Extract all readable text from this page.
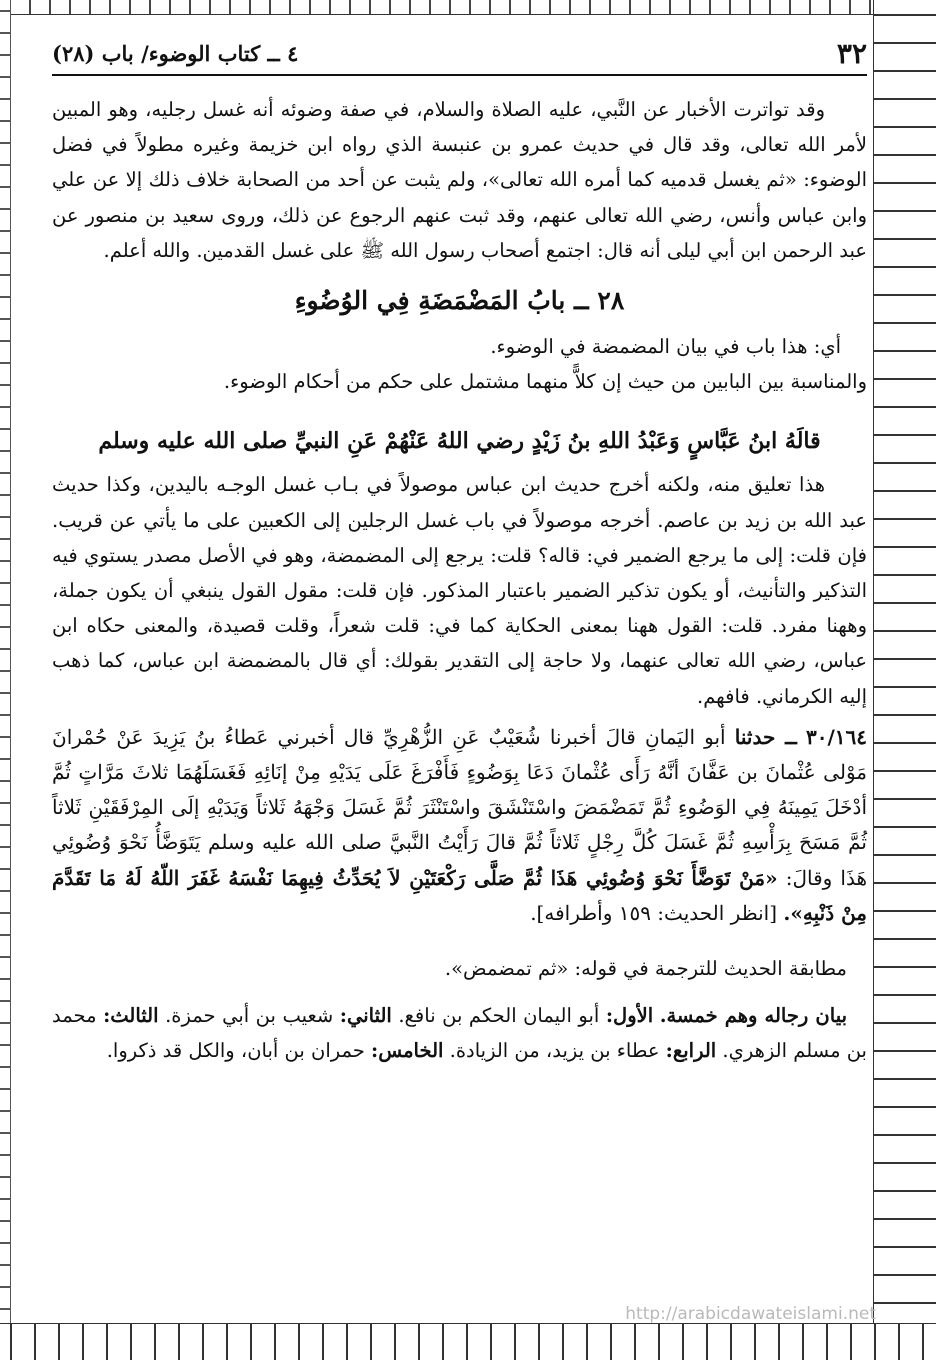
٣٢
٤ ــ كتاب الوضوء/ باب (٢٨)

وقد تواترت الأخبار عن النَّبي، عليه الصلاة والسلام، في صفة وضوئه أنه غسل رجليه، وهو المبين لأمر الله تعالى، وقد قال في حديث عمرو بن عنبسة الذي رواه ابن خزيمة وغيره مطولاً في فضل الوضوء: «ثم يغسل قدميه كما أمره الله تعالى»، ولم يثبت عن أحد من الصحابة خلاف ذلك إلا عن علي وابن عباس وأنس، رضي الله تعالى عنهم، وقد ثبت عنهم الرجوع عن ذلك، وروى سعيد بن منصور عن عبد الرحمن ابن أبي ليلى أنه قال: اجتمع أصحاب رسول الله ﷺ على غسل القدمين. والله أعلم.

٢٨ ــ بابُ المَضْمَضَةِ فِي الوُضُوءِ

أي: هذا باب في بيان المضمضة في الوضوء.

والمناسبة بين البابين من حيث إن كلاًّ منهما مشتمل على حكم من أحكام الوضوء.

قالَهُ ابنُ عَبَّاسٍ وَعَبْدُ اللهِ بنُ زَيْدٍ رضي اللهُ عَنْهُمْ عَنِ النبيِّ صلى الله عليه وسلم

هذا تعليق منه، ولكنه أخرج حديث ابن عباس موصولاً في بـاب غسل الوجـه باليدين، وكذا حديث عبد الله بن زيد بن عاصم. أخرجه موصولاً في باب غسل الرجلين إلى الكعبين على ما يأتي عن قريب. فإن قلت: إلى ما يرجع الضمير في: قاله؟ قلت: يرجع إلى المضمضة، وهو في الأصل مصدر يستوي فيه التذكير والتأنيث، أو يكون تذكير الضمير باعتبار المذكور. فإن قلت: مقول القول ينبغي أن يكون جملة، وههنا مفرد. قلت: القول ههنا بمعنى الحكاية كما في: قلت شعراً، وقلت قصيدة، والمعنى حكاه ابن عباس، رضي الله تعالى عنهما، ولا حاجة إلى التقدير بقولك: أي قال بالمضمضة ابن عباس، كما ذهب إليه الكرماني. فافهم.

٣٠/١٦٤ ــ حدثنا أبو اليَمانِ قالَ أخبرنا شُعَيْبٌ عَنِ الزُّهْرِيِّ قال أخبرني عَطاءُ بنُ يَزِيدَ عَنْ حُمْرانَ مَوْلى عُثْمانَ بن عَفَّانَ أنَّهُ رَأَى عُثْمانَ دَعَا بِوَضُوءٍ فَأَفْرَغَ عَلَى يَدَيْهِ مِنْ إنَائِهِ فَغَسَلَهُمَا ثلاثَ مَرَّاتٍ ثُمَّ أدْخَلَ يَمِينَهُ فِي الوَضُوءِ ثُمَّ تَمَضْمَضَ واسْتَنْشَقَ واسْتَنْثَرَ ثُمَّ غَسَلَ وَجْهَهُ ثَلاثاً وَيَدَيْهِ إلَى المِرْفَقَيْنِ ثَلاثاً ثُمَّ مَسَحَ بِرَأْسِهِ ثُمَّ غَسَلَ كُلَّ رِجْلٍ ثَلاثاً ثُمَّ قالَ رَأَيْتُ النَّبيَّ صلى الله عليه وسلم يَتَوَضَّأُ نَحْوَ وُضُوئِي هَذَا وقالَ: «مَنْ تَوَضَّأَ نَحْوَ وُضُوئِي هَذَا ثُمَّ صَلَّى رَكْعَتَيْنِ لاَ يُحَدِّثُ فِيهِمَا نَفْسَهُ غَفَرَ اللّهُ لَهُ مَا تَقَدَّمَ مِنْ ذَنْبِهِ». [انظر الحديث: ١٥٩ وأطرافه].

مطابقة الحديث للترجمة في قوله: «ثم تمضمض».

بيان رجاله وهم خمسة. الأول: أبو اليمان الحكم بن نافع. الثاني: شعيب بن أبي حمزة. الثالث: محمد بن مسلم الزهري. الرابع: عطاء بن يزيد، من الزيادة. الخامس: حمران بن أبان، والكل قد ذكروا.

http://arabicdawateislami.net
